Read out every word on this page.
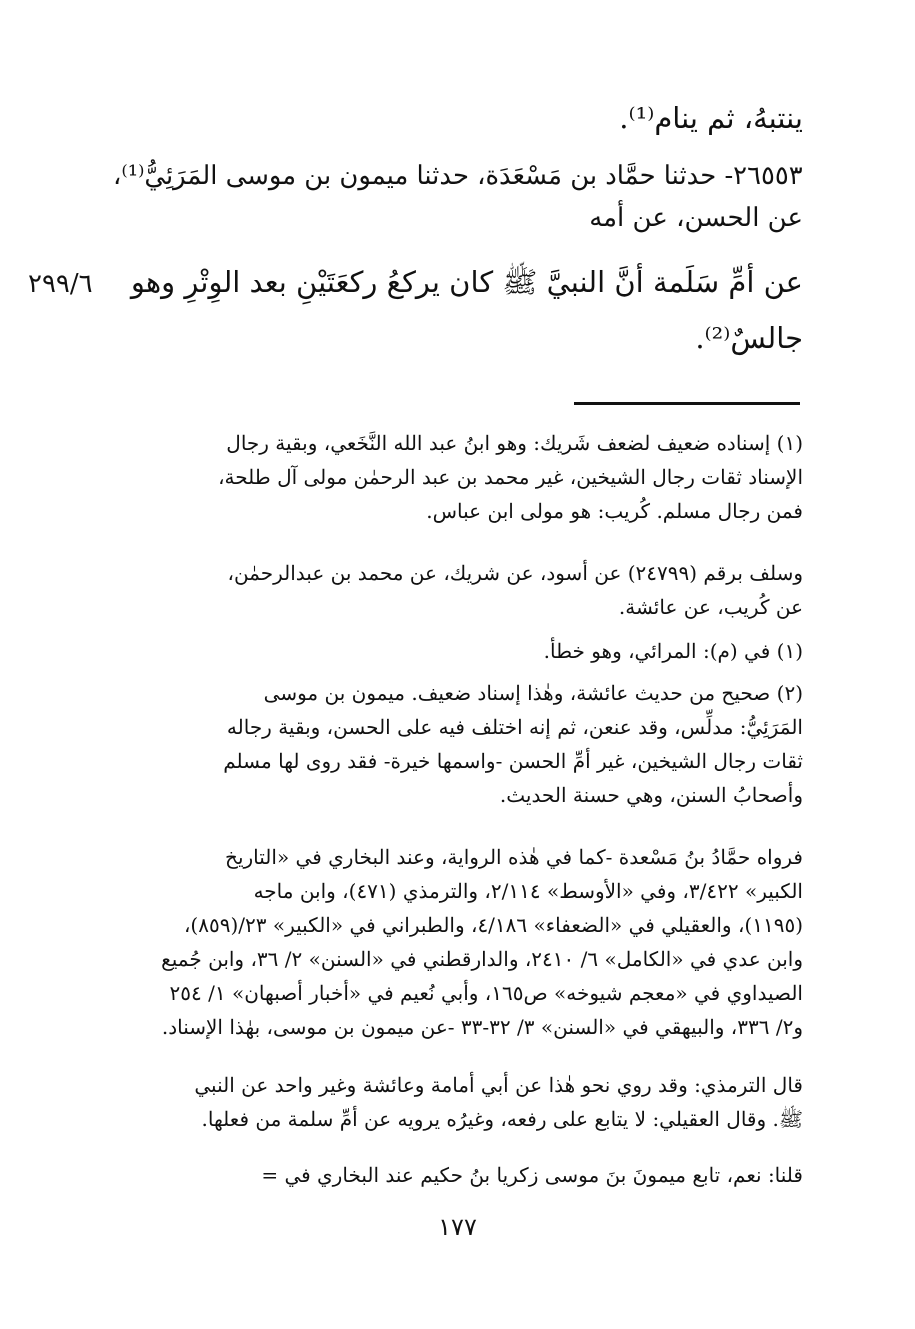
ينتبهُ، ثم ينام⁽¹⁾.
٢٦٥٥٣- حدثنا حمَّاد بن مَسْعَدَة، حدثنا ميمون بن موسى المَرَئِيُّ⁽¹⁾،
عن الحسن، عن أمه
عن أمِّ سَلَمة أنَّ النبيَّ ﷺ كان يركعُ ركعَتَيْنِ بعد الوِتْرِ وهو
جالسٌ⁽²⁾.
٢٩٩/٦
(١) إسناده ضعيف لضعف شَريك: وهو ابنُ عبد الله النَّخَعي، وبقية رجال
الإسناد ثقات رجال الشيخين، غير محمد بن عبد الرحمٰن مولى آل طلحة،
فمن رجال مسلم. كُريب: هو مولى ابن عباس.
وسلف برقم (٢٤٧٩٩) عن أسود، عن شريك، عن محمد بن عبدالرحمٰن،
عن كُريب، عن عائشة.
(١) في (م): المرائي، وهو خطأ.
(٢) صحيح من حديث عائشة، وهٰذا إسناد ضعيف. ميمون بن موسى
المَرَئِيُّ: مدلِّس، وقد عنعن، ثم إنه اختلف فيه على الحسن، وبقية رجاله
ثقات رجال الشيخين، غير أمِّ الحسن -واسمها خيرة- فقد روى لها مسلم
وأصحابُ السنن، وهي حسنة الحديث.
فرواه حمَّادُ بنُ مَسْعدة -كما في هٰذه الرواية، وعند البخاري في «التاريخ
الكبير» ٣/٤٢٢، وفي «الأوسط» ٢/١١٤، والترمذي (٤٧١)، وابن ماجه
(١١٩٥)، والعقيلي في «الضعفاء» ٤/١٨٦، والطبراني في «الكبير» ٢٣/(٨٥٩)،
وابن عدي في «الكامل» ٦/ ٢٤١٠، والدارقطني في «السنن» ٢/ ٣٦، وابن جُميع
الصيداوي في «معجم شيوخه» ص١٦٥، وأبي نُعيم في «أخبار أصبهان» ١/ ٢٥٤
و٢/ ٣٣٦، والبيهقي في «السنن» ٣/ ٣٢-٣٣ -عن ميمون بن موسى، بهٰذا الإسناد.
قال الترمذي: وقد روي نحو هٰذا عن أبي أمامة وعائشة وغير واحد عن النبي
ﷺ. وقال العقيلي: لا يتابع على رفعه، وغيرُه يرويه عن أمِّ سلمة من فعلها.
قلنا: نعم، تابع ميمونَ بنَ موسى زكريا بنُ حكيم عند البخاري في =
١٧٧
